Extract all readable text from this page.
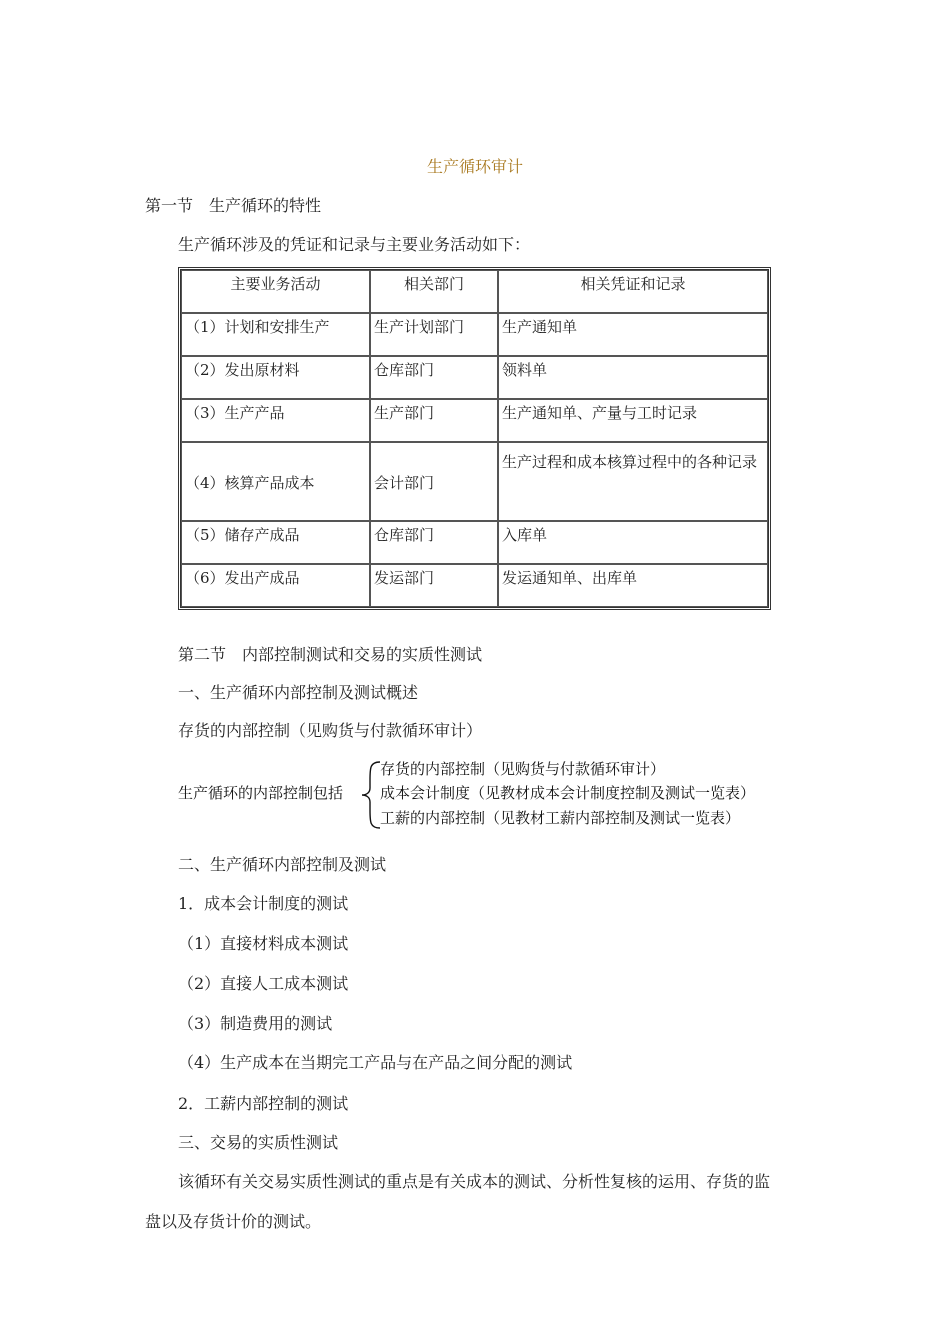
生产循环审计
第一节　生产循环的特性
生产循环涉及的凭证和记录与主要业务活动如下：
主要业务活动	相关部门	相关凭证和记录
（1）计划和安排生产	生产计划部门	生产通知单
（2）发出原材料	仓库部门	领料单
（3）生产产品	生产部门	生产通知单、产量与工时记录
（4）核算产品成本	会计部门	生产过程和成本核算过程中的各种记录
（5）储存产成品	仓库部门	入库单
（6）发出产成品	发运部门	发运通知单、出库单
第二节　内部控制测试和交易的实质性测试
一、生产循环内部控制及测试概述
存货的内部控制（见购货与付款循环审计）
生产循环的内部控制包括
存货的内部控制（见购货与付款循环审计）
成本会计制度（见教材成本会计制度控制及测试一览表）
工薪的内部控制（见教材工薪内部控制及测试一览表）
二、生产循环内部控制及测试
1．成本会计制度的测试
（1）直接材料成本测试
（2）直接人工成本测试
（3）制造费用的测试
（4）生产成本在当期完工产品与在产品之间分配的测试
2．工薪内部控制的测试
三、交易的实质性测试
该循环有关交易实质性测试的重点是有关成本的测试、分析性复核的运用、存货的监
盘以及存货计价的测试。
